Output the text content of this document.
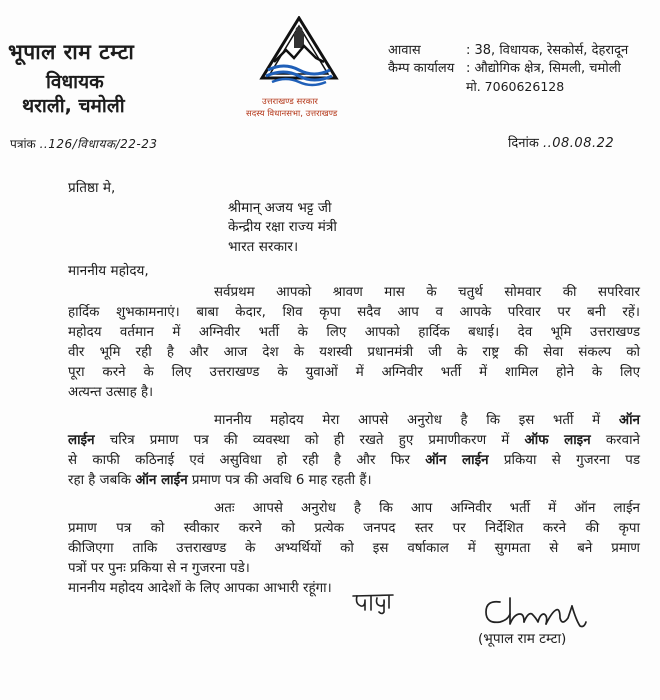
भूपाल राम टम्टा
विधायक
थराली, चमोली	उत्तराखण्ड सरकार
सदस्य विधानसभा, उत्तराखण्ड
आवास	: 38, विधायक, रेसकोर्स, देहरादून
कैम्प कार्यालय : औद्योगिक क्षेत्र, सिमली, चमोली
मो. 7060626128
पत्रांक ..126/विधायक/22-23	दिनांक ..08.08.22
प्रतिष्ठा मे,
श्रीमान् अजय भट्ट जी
केन्द्रीय रक्षा राज्य मंत्री
भारत सरकार।
माननीय महोदय,
सर्वप्रथम आपको श्रावण मास के चतुर्थ सोमवार की सपरिवार
हार्दिक शुभकामनाएं। बाबा केदार, शिव कृपा सदैव आप व आपके परिवार पर बनी रहें।
महोदय वर्तमान में अग्निवीर भर्ती के लिए आपको हार्दिक बधाई। देव भूमि उत्तराखण्ड
वीर भूमि रही है और आज देश के यशस्वी प्रधानमंत्री जी के राष्ट्र की सेवा संकल्प को
पूरा करने के लिए उत्तराखण्ड के युवाओं में अग्निवीर भर्ती में शामिल होने के लिए
अत्यन्त उत्साह है।
माननीय महोदय मेरा आपसे अनुरोध है कि इस भर्ती में ऑन
लाईन चरित्र प्रमाण पत्र की व्यवस्था को ही रखते हुए प्रमाणीकरण में ऑफ लाइन करवाने
से काफी कठिनाई एवं असुविधा हो रही है और फिर ऑन लाईन प्रकिया से गुजरना पड
रहा है जबकि ऑन लाईन प्रमाण पत्र की अवधि 6 माह रहती हैं।
अतः आपसे अनुरोध है कि आप अग्निवीर भर्ती में ऑन लाईन
प्रमाण पत्र को स्वीकार करने को प्रत्येक जनपद स्तर पर निर्देशित करने की कृपा
कीजिएगा ताकि उत्तराखण्ड के अभ्यर्थियों को इस वर्षाकाल में सुगमता से बने प्रमाण
पत्रों पर पुनः प्रकिया से न गुजरना पडे।
माननीय महोदय आदेशों के लिए आपका आभारी रहूंगा।
(भूपाल राम टम्टा)
